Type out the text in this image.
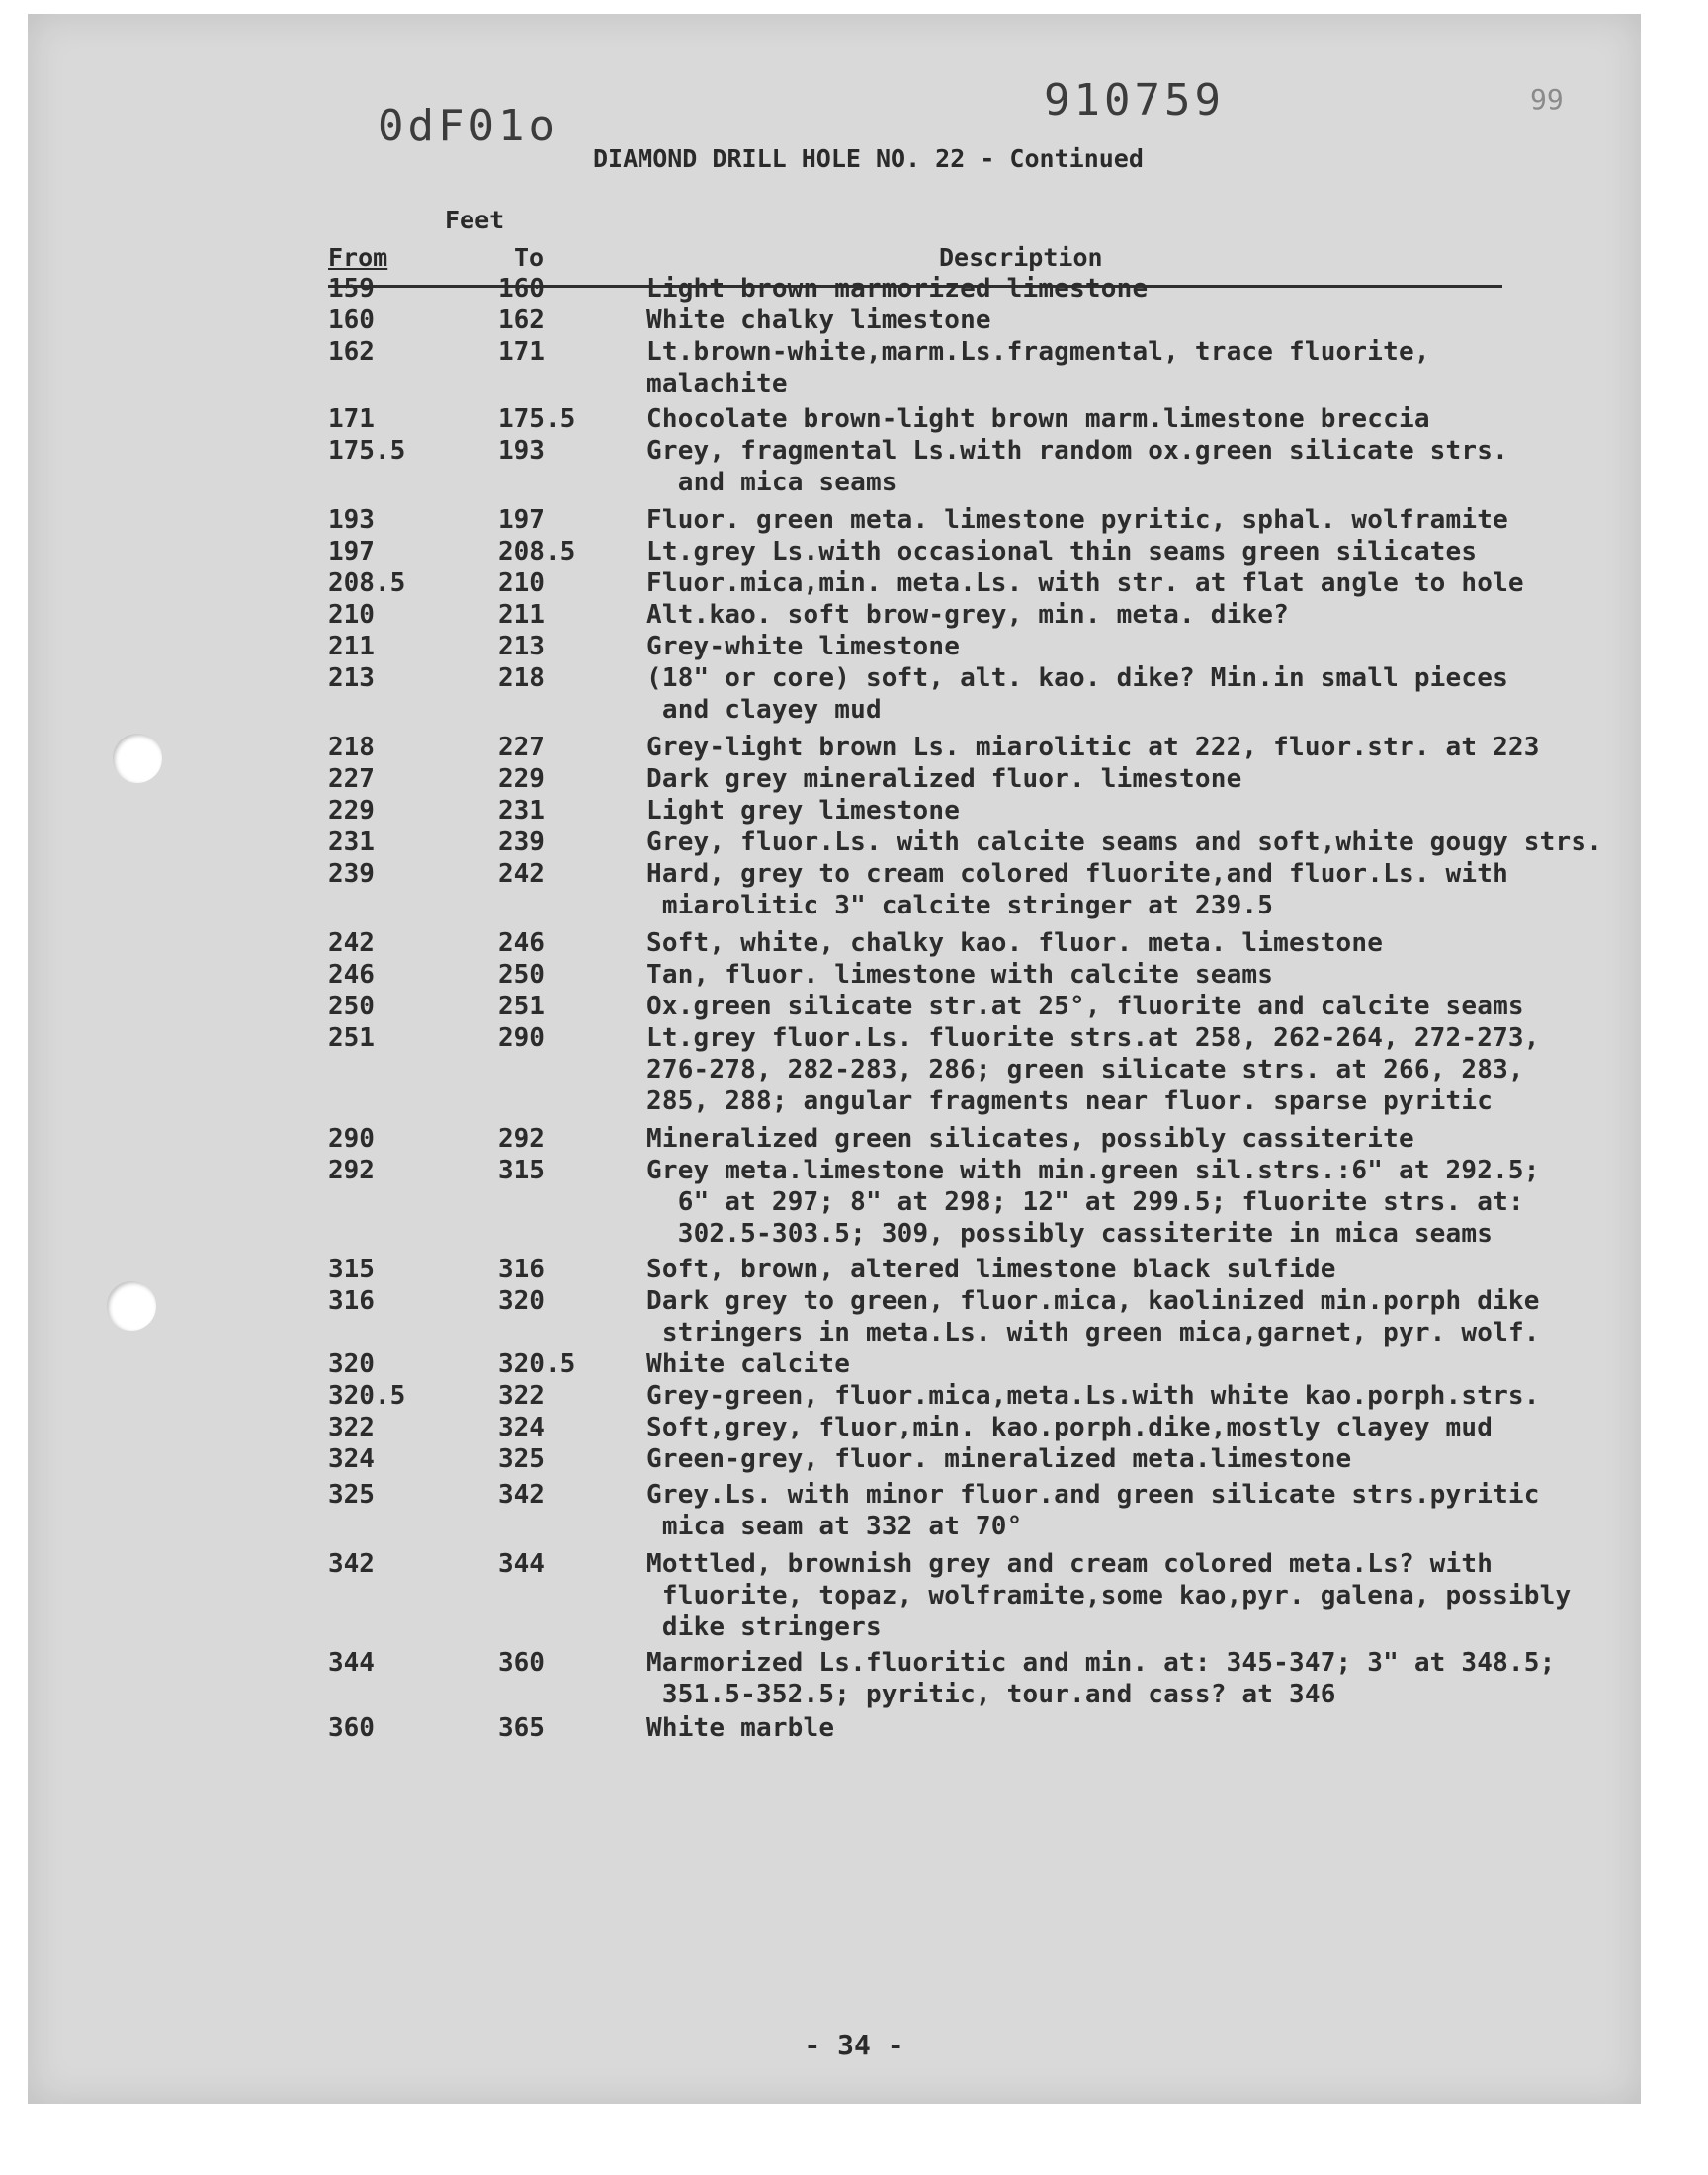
0dF01o
910759	99
DIAMOND DRILL HOLE NO. 22 - Continued
Feet
From	To	Description
159	160	Light brown marmorized limestone
160	162	White chalky limestone
162	171	Lt.brown-white,marm.Ls.fragmental, trace fluorite,
malachite
171	175.5	Chocolate brown-light brown marm.limestone breccia
175.5	193	Grey, fragmental Ls.with random ox.green silicate strs.
and mica seams
193	197	Fluor. green meta. limestone pyritic, sphal. wolframite
197	208.5	Lt.grey Ls.with occasional thin seams green silicates
208.5	210	Fluor.mica,min. meta.Ls. with str. at flat angle to hole
210	211	Alt.kao. soft brow-grey, min. meta. dike?
211	213	Grey-white limestone
213	218	(18" or core) soft, alt. kao. dike? Min.in small pieces
and clayey mud
218	227	Grey-light brown Ls. miarolitic at 222, fluor.str. at 223
227	229	Dark grey mineralized fluor. limestone
229	231	Light grey limestone
231	239	Grey, fluor.Ls. with calcite seams and soft,white gougy strs.
239	242	Hard, grey to cream colored fluorite,and fluor.Ls. with
miarolitic 3" calcite stringer at 239.5
242	246	Soft, white, chalky kao. fluor. meta. limestone
246	250	Tan, fluor. limestone with calcite seams
250	251	Ox.green silicate str.at 25°, fluorite and calcite seams
251	290	Lt.grey fluor.Ls. fluorite strs.at 258, 262-264, 272-273,
276-278, 282-283, 286; green silicate strs. at 266, 283,
285, 288; angular fragments near fluor. sparse pyritic
290	292	Mineralized green silicates, possibly cassiterite
292	315	Grey meta.limestone with min.green sil.strs.:6" at 292.5;
6" at 297; 8" at 298; 12" at 299.5; fluorite strs. at:
302.5-303.5; 309, possibly cassiterite in mica seams
315	316	Soft, brown, altered limestone black sulfide
316	320	Dark grey to green, fluor.mica, kaolinized min.porph dike
stringers in meta.Ls. with green mica,garnet, pyr. wolf.
320	320.5	White calcite
320.5	322	Grey-green, fluor.mica,meta.Ls.with white kao.porph.strs.
322	324	Soft,grey, fluor,min. kao.porph.dike,mostly clayey mud
324	325	Green-grey, fluor. mineralized meta.limestone
325	342	Grey.Ls. with minor fluor.and green silicate strs.pyritic
mica seam at 332 at 70°
342	344	Mottled, brownish grey and cream colored meta.Ls? with
fluorite, topaz, wolframite,some kao,pyr. galena, possibly
dike stringers
344	360	Marmorized Ls.fluoritic and min. at: 345-347; 3" at 348.5;
351.5-352.5; pyritic, tour.and cass? at 346
360	365	White marble
- 34 -
